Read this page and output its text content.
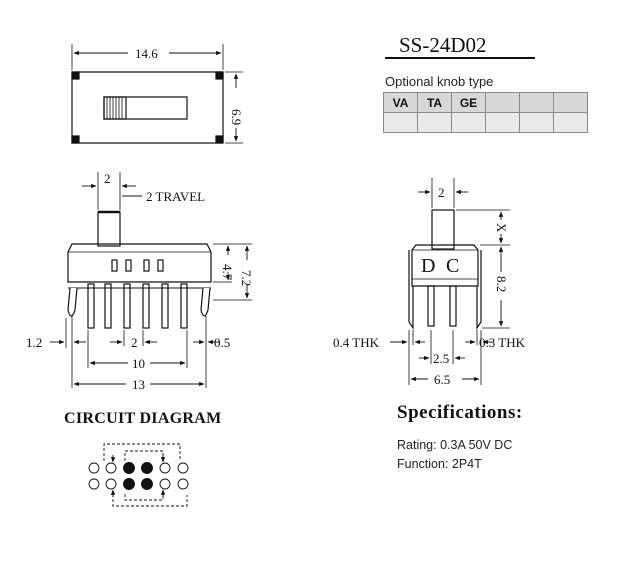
SS-24D02
Optional knob type
VA	TA	GE			

14.6
6.9
2
2 TRAVEL
4.7 7.2
1.2	2	0.5
10
13
D C
2
X
8.2
0.4 THK	0.3 THK
2.5
6.5
CIRCUIT DIAGRAM	Specifications:
Rating: 0.3A 50V DC
Function: 2P4T
